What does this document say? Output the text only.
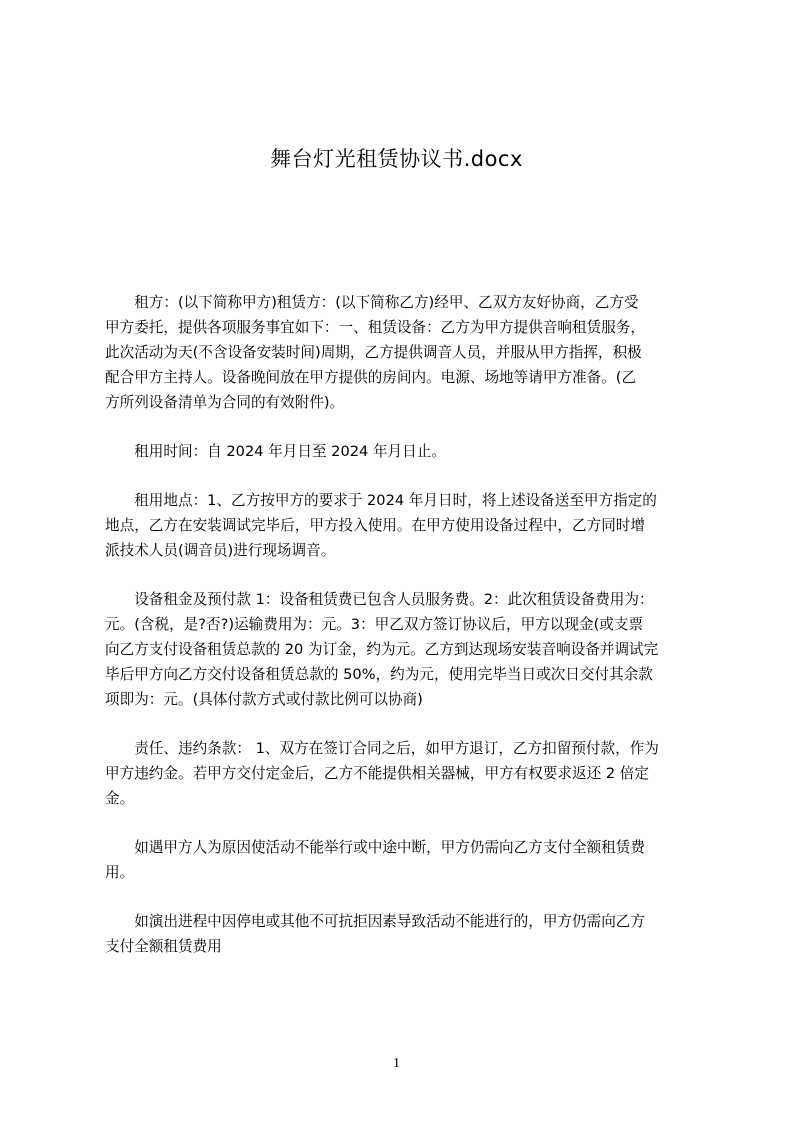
舞台灯光租赁协议书.docx
　　租方：(以下简称甲方)租赁方：(以下简称乙方)经甲、乙双方友好协商，乙方受
甲方委托，提供各项服务事宜如下：一、租赁设备：乙方为甲方提供音响租赁服务，
此次活动为天(不含设备安装时间)周期，乙方提供调音人员，并服从甲方指挥，积极
配合甲方主持人。设备晚间放在甲方提供的房间内。电源、场地等请甲方准备。(乙
方所列设备清单为合同的有效附件)。
　　租用时间：自 2024 年月日至 2024 年月日止。
　　租用地点：1、乙方按甲方的要求于 2024 年月日时，将上述设备送至甲方指定的
地点，乙方在安装调试完毕后，甲方投入使用。在甲方使用设备过程中，乙方同时增
派技术人员(调音员)进行现场调音。
　　设备租金及预付款 1：设备租赁费已包含人员服务费。2：此次租赁设备费用为：
元。(含税，是?否?)运输费用为：元。3：甲乙双方签订协议后，甲方以现金(或支票
向乙方支付设备租赁总款的 20 为订金，约为元。乙方到达现场安装音响设备并调试完
毕后甲方向乙方交付设备租赁总款的 50%，约为元，使用完毕当日或次日交付其余款
项即为：元。(具体付款方式或付款比例可以协商)
　　责任、违约条款： 1、双方在签订合同之后，如甲方退订，乙方扣留预付款，作为
甲方违约金。若甲方交付定金后，乙方不能提供相关器械，甲方有权要求返还 2 倍定
金。
　　如遇甲方人为原因使活动不能举行或中途中断，甲方仍需向乙方支付全额租赁费
用。
　　如演出进程中因停电或其他不可抗拒因素导致活动不能进行的，甲方仍需向乙方
支付全额租赁费用
1
